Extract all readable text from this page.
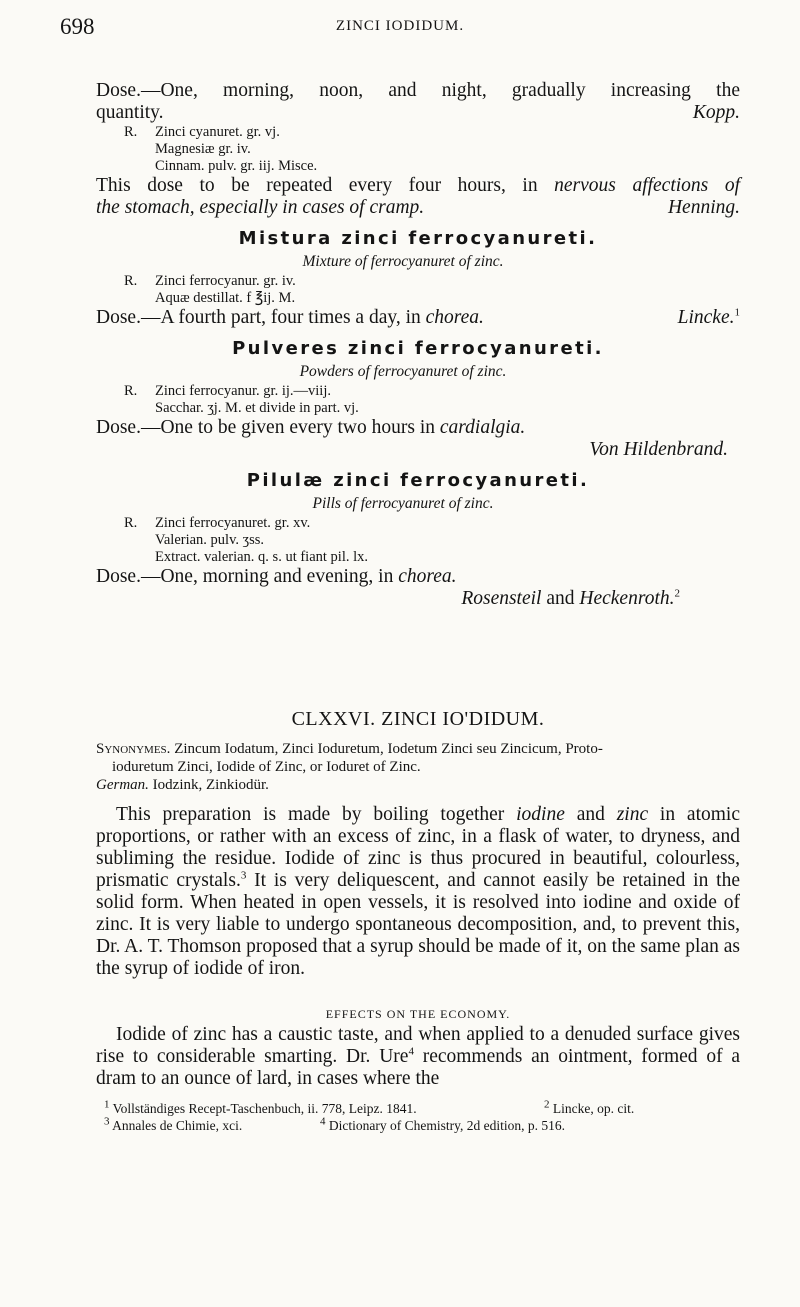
698	ZINCI IODIDUM.

Dose.—One, morning, noon, and night, gradually increasing the

quantity.	Kopp.

R. Zinci cyanuret. gr. vj.
Magnesiæ gr. iv.
Cinnam. pulv. gr. iij. Misce.

This dose to be repeated every four hours, in nervous affections of

the stomach, especially in cases of cramp.	Henning.

Mistura zinci ferrocyanureti.
Mixture of ferrocyanuret of zinc.
R. Zinci ferrocyanur. gr. iv.
Aquæ destillat. f ℥ij. M.

Dose.—A fourth part, four times a day, in chorea.	Lincke.$^1$

Pulveres zinci ferrocyanureti.
Powders of ferrocyanuret of zinc.
R. Zinci ferrocyanur. gr. ij.—viij.
Sacchar. ʒj. M. et divide in part. vj.

Dose.—One to be given every two hours in cardialgia.

Von Hildenbrand.

Pilulæ zinci ferrocyanureti.
Pills of ferrocyanuret of zinc.
R. Zinci ferrocyanuret. gr. xv.
Valerian. pulv. ʒss.
Extract. valerian. q. s. ut fiant pil. lx.

Dose.—One, morning and evening, in chorea.

Rosensteil and Heckenroth.$^2$

CLXXVI. ZINCI IO'DIDUM.
Synonymes. Zincum Iodatum, Zinci Ioduretum, Iodetum Zinci seu Zincicum, Proto-
ioduretum Zinci, Iodide of Zinc, or Ioduret of Zinc.
German. Iodzink, Zinkiodür.

This preparation is made by boiling together iodine and zinc in atomic proportions, or rather with an excess of zinc, in a flask of water, to dryness, and subliming the residue. Iodide of zinc is thus procured in beautiful, colourless, prismatic crystals.$^3$ It is very deliquescent, and cannot easily be retained in the solid form. When heated in open vessels, it is resolved into iodine and oxide of zinc. It is very liable to undergo spontaneous decomposition, and, to prevent this, Dr. A. T. Thomson proposed that a syrup should be made of it, on the same plan as the syrup of iodide of iron.

EFFECTS ON THE ECONOMY.

Iodide of zinc has a caustic taste, and when applied to a denuded surface gives rise to considerable smarting. Dr. Ure$^4$ recommends an ointment, formed of a dram to an ounce of lard, in cases where the

$^1$ Vollständiges Recept-Taschenbuch, ii. 778, Leipz. 1841.	$^2$ Lincke, op. cit.
$^3$ Annales de Chimie, xci.	$^4$ Dictionary of Chemistry, 2d edition, p. 516.
